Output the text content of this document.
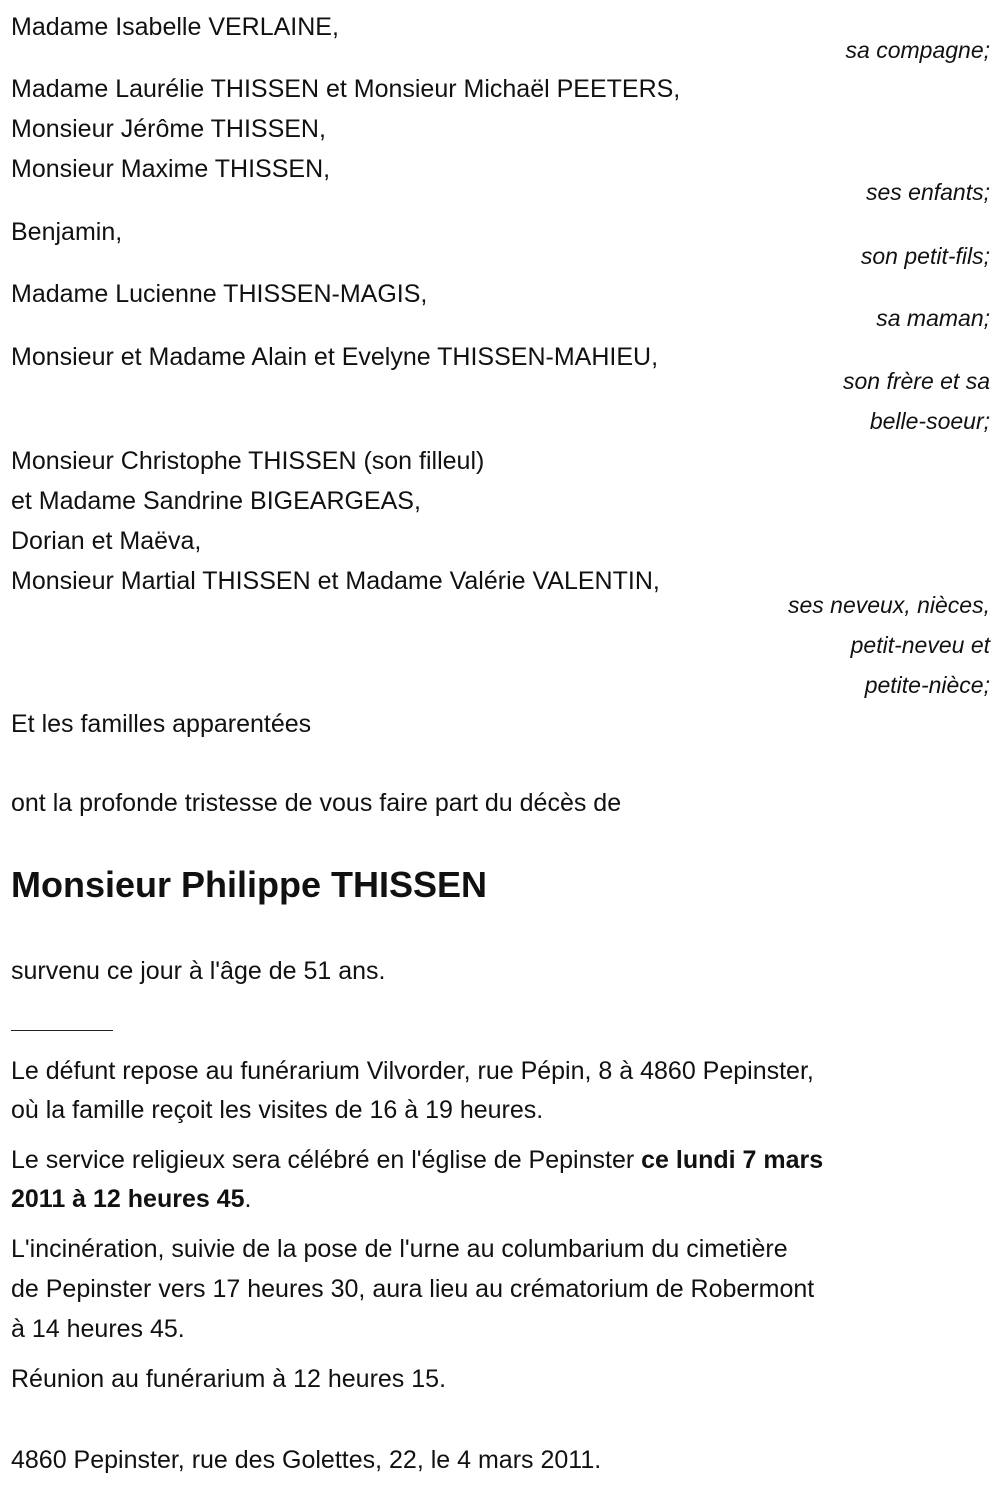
Madame Isabelle VERLAINE,
sa compagne;
Madame Laurélie THISSEN et Monsieur Michaël PEETERS,
Monsieur Jérôme THISSEN,
Monsieur Maxime THISSEN,
ses enfants;
Benjamin,
son petit-fils;
Madame Lucienne THISSEN-MAGIS,
sa maman;
Monsieur et Madame Alain et Evelyne THISSEN-MAHIEU,
son frère et sa
belle-soeur;
Monsieur Christophe THISSEN (son filleul)
et Madame Sandrine BIGEARGEAS,
Dorian et Maëva,
Monsieur Martial THISSEN et Madame Valérie VALENTIN,
ses neveux, nièces,
petit-neveu et
petite-nièce;
Et les familles apparentées
ont la profonde tristesse de vous faire part du décès de
Monsieur Philippe THISSEN
survenu ce jour à l'âge de 51 ans.
Le défunt repose au funérarium Vilvorder, rue Pépin, 8 à 4860 Pepinster,
où la famille reçoit les visites de 16 à 19 heures.
Le service religieux sera célébré en l'église de Pepinster ce lundi 7 mars
2011 à 12 heures 45.
L'incinération, suivie de la pose de l'urne au columbarium du cimetière
de Pepinster vers 17 heures 30, aura lieu au crématorium de Robermont
à 14 heures 45.
Réunion au funérarium à 12 heures 15.
4860 Pepinster, rue des Golettes, 22, le 4 mars 2011.
